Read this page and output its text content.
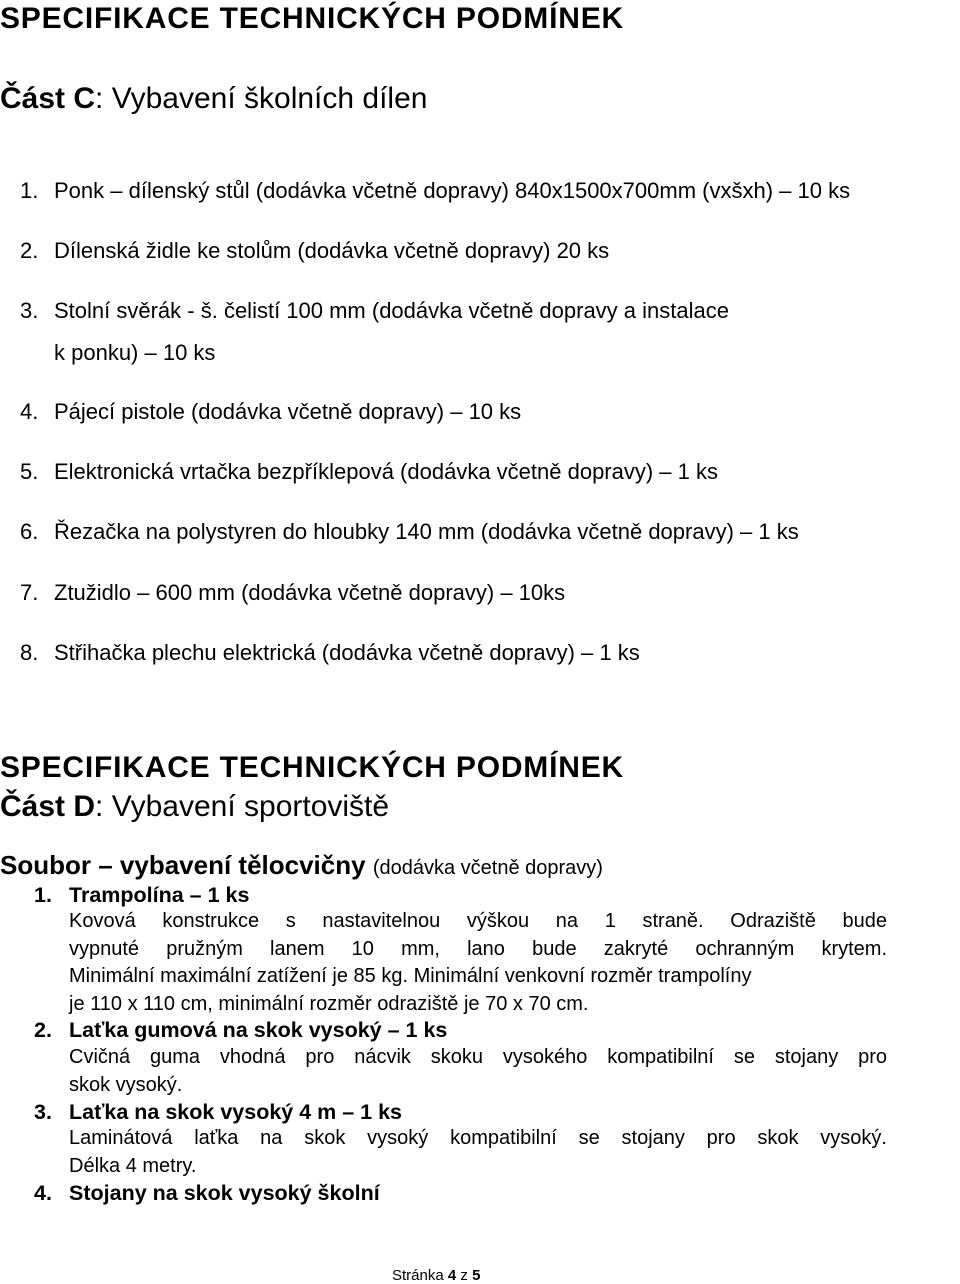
SPECIFIKACE TECHNICKÝCH PODMÍNEK
Část C: Vybavení školních dílen
1. Ponk – dílenský stůl (dodávka včetně dopravy) 840x1500x700mm (vxšxh) – 10 ks
2. Dílenská židle ke stolům (dodávka včetně dopravy) 20 ks
3. Stolní svěrák - š. čelistí 100 mm (dodávka včetně dopravy a instalace
k ponku) – 10 ks
4. Pájecí pistole (dodávka včetně dopravy) – 10 ks
5. Elektronická vrtačka bezpříklepová (dodávka včetně dopravy) – 1 ks
6. Řezačka na polystyren do hloubky 140 mm (dodávka včetně dopravy) – 1 ks
7. Ztužidlo – 600 mm (dodávka včetně dopravy) – 10ks
8. Střihačka plechu elektrická (dodávka včetně dopravy) – 1 ks
SPECIFIKACE TECHNICKÝCH PODMÍNEK
Část D: Vybavení sportoviště
Soubor – vybavení tělocvičny (dodávka včetně dopravy)
1. Trampolína – 1 ks
Kovová konstrukce s nastavitelnou výškou na 1 straně. Odraziště bude
vypnuté pružným lanem 10 mm, lano bude zakryté ochranným krytem.
Minimální maximální zatížení je 85 kg. Minimální venkovní rozměr trampolíny
je 110 x 110 cm, minimální rozměr odraziště je 70 x 70 cm.
2. Laťka gumová na skok vysoký – 1 ks
Cvičná guma vhodná pro nácvik skoku vysokého kompatibilní se stojany pro
skok vysoký.
3. Laťka na skok vysoký 4 m – 1 ks
Laminátová laťka na skok vysoký kompatibilní se stojany pro skok vysoký.
Délka 4 metry.
4. Stojany na skok vysoký školní
Stránka 4 z 5
